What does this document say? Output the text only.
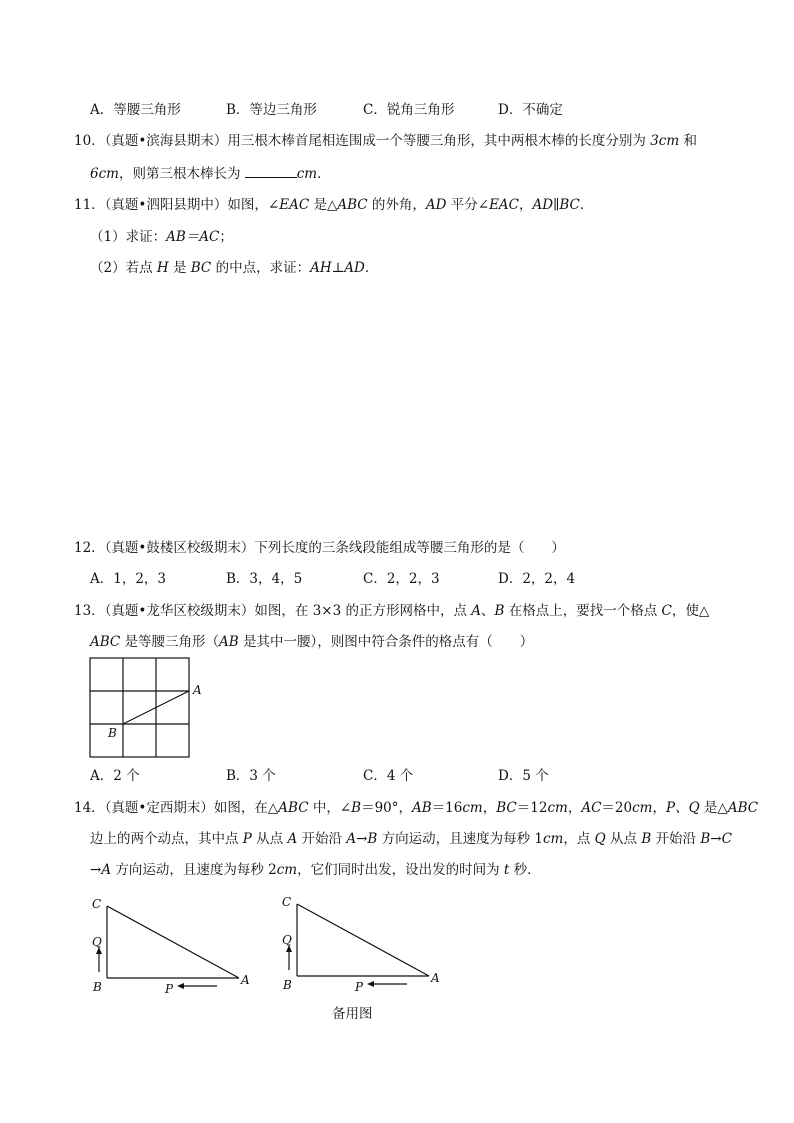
A．等腰三角形	B．等边三角形	C．锐角三角形	D．不确定
10．（真题•滨海县期末）用三根木棒首尾相连围成一个等腰三角形，其中两根木棒的长度分别为 3cm 和
6cm，则第三根木棒长为	cm．
11．（真题•泗阳县期中）如图，∠EAC 是△ABC 的外角，AD 平分∠EAC，AD∥BC．
（1）求证：AB＝AC；
（2）若点 H 是 BC 的中点，求证：AH⊥AD．
12．（真题•鼓楼区校级期末）下列长度的三条线段能组成等腰三角形的是（　　）
A．1，2，3	B．3，4，5	C．2，2，3	D．2，2，4
13．（真题•龙华区校级期末）如图，在 3×3 的正方形网格中，点 A、B 在格点上，要找一个格点 C，使△
ABC 是等腰三角形（AB 是其中一腰），则图中符合条件的格点有（　　）
A
B
A．2 个	B．3 个	C．4 个	D．5 个
14．（真题•定西期末）如图，在△ABC 中，∠B＝90°，AB＝16cm，BC＝12cm，AC＝20cm，P、Q 是△ABC
边上的两个动点，其中点 P 从点 A 开始沿 A→B 方向运动，且速度为每秒 1cm，点 Q 从点 B 开始沿 B→C
→A 方向运动，且速度为每秒 2cm，它们同时出发，设出发的时间为 t 秒．
C
Q
B	P
A
C
Q
B	P
A
备用图
